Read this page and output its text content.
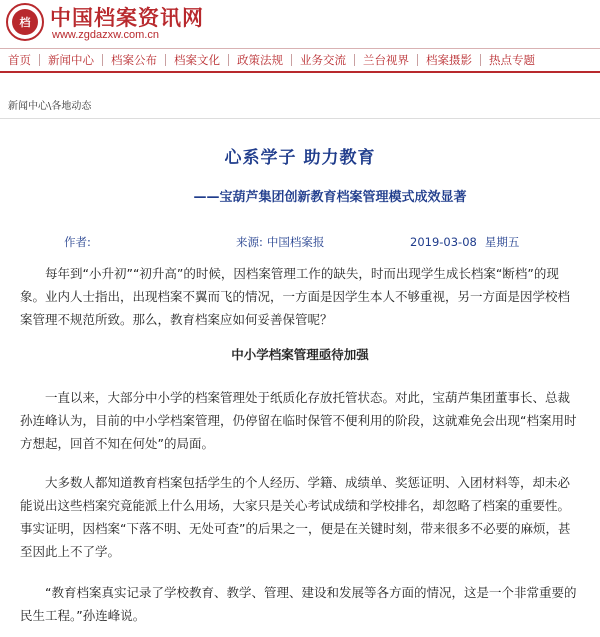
档 中国档案资讯网
www.zgdazxw.com.cn
首页	新闻中心	档案公布	档案文化	政策法规	业务交流	兰台视界	档案摄影	热点专题
新闻中心\各地动态
心系学子 助力教育
——宝葫芦集团创新教育档案管理模式成效显著
作者:	来源: 中国档案报	2019-03-08 星期五

每年到“小升初”“初升高”的时候，因档案管理工作的缺失，时而出现学生成长档案“断档”的现象。业内人士指出，出现档案不翼而飞的情况，一方面是因学生本人不够重视，另一方面是因学校档案管理不规范所致。那么，教育档案应如何妥善保管呢？

中小学档案管理亟待加强

一直以来，大部分中小学的档案管理处于纸质化存放托管状态。对此，宝葫芦集团董事长、总裁孙连峰认为，目前的中小学档案管理，仍停留在临时保管不便利用的阶段，这就难免会出现“档案用时方想起，回首不知在何处”的局面。

大多数人都知道教育档案包括学生的个人经历、学籍、成绩单、奖惩证明、入团材料等，却未必能说出这些档案究竟能派上什么用场，大家只是关心考试成绩和学校排名，却忽略了档案的重要性。事实证明，因档案“下落不明、无处可查”的后果之一，便是在关键时刻，带来很多不必要的麻烦，甚至因此上不了学。

“教育档案真实记录了学校教育、教学、管理、建设和发展等各方面的情况，这是一个非常重要的民生工程。”孙连峰说。
